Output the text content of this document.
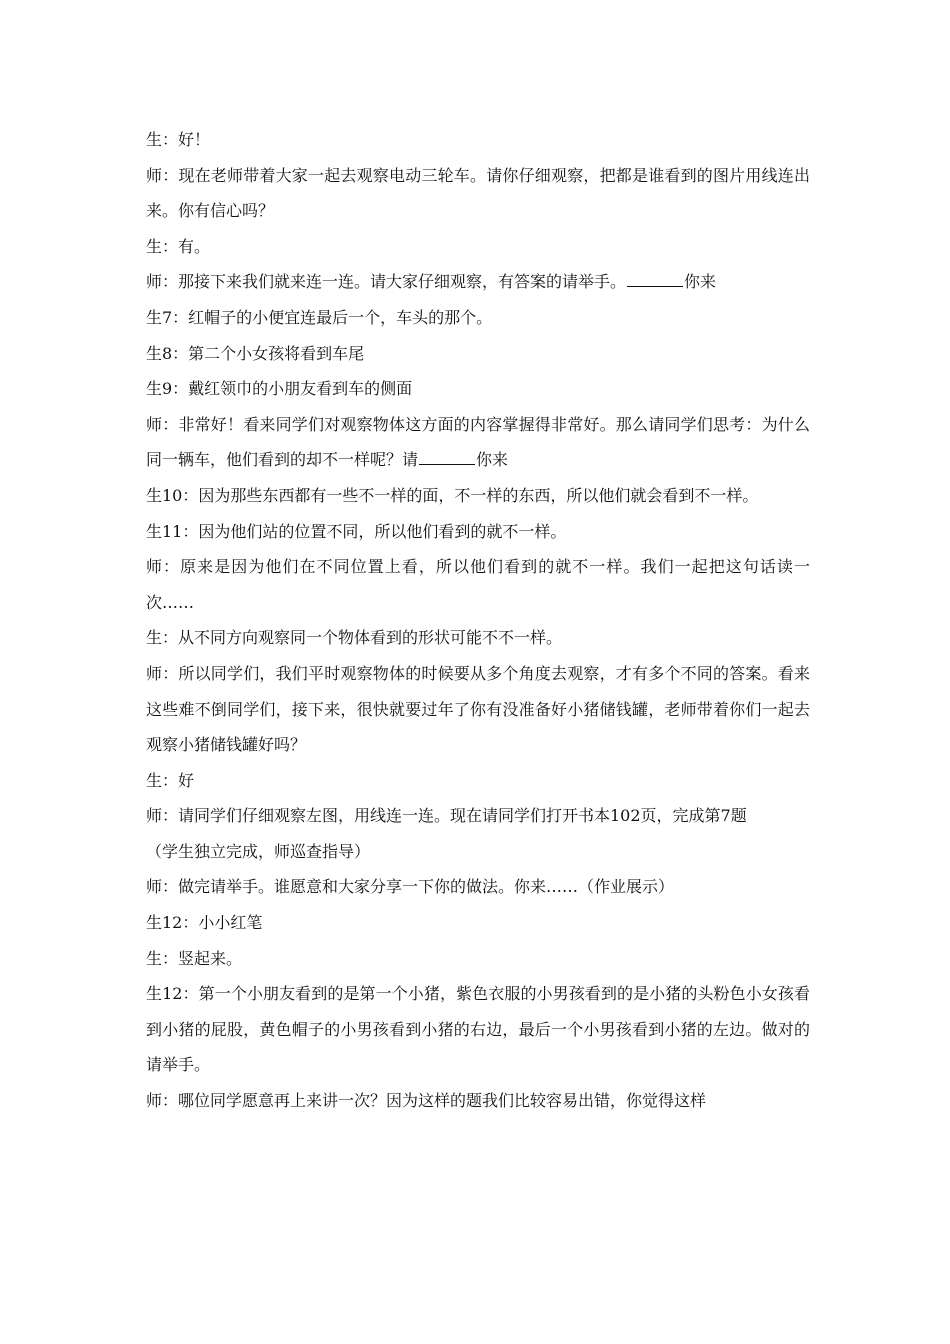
生：好！

师：现在老师带着大家一起去观察电动三轮车。请你仔细观察，把都是谁看到的图片用线连出来。你有信心吗？

生：有。

师：那接下来我们就来连一连。请大家仔细观察，有答案的请举手。	你来

生7：红帽子的小便宜连最后一个，车头的那个。

生8：第二个小女孩将看到车尾

生9：戴红领巾的小朋友看到车的侧面

师：非常好！看来同学们对观察物体这方面的内容掌握得非常好。那么请同学们思考：为什么同一辆车，他们看到的却不一样呢？请	你来

生10：因为那些东西都有一些不一样的面，不一样的东西，所以他们就会看到不一样。

生11：因为他们站的位置不同，所以他们看到的就不一样。

师：原来是因为他们在不同位置上看，所以他们看到的就不一样。我们一起把这句话读一次……

生：从不同方向观察同一个物体看到的形状可能不不一样。

师：所以同学们，我们平时观察物体的时候要从多个角度去观察，才有多个不同的答案。看来这些难不倒同学们，接下来，很快就要过年了你有没准备好小猪储钱罐，老师带着你们一起去观察小猪储钱罐好吗？

生：好

师：请同学们仔细观察左图，用线连一连。现在请同学们打开书本102页，完成第7题

（学生独立完成，师巡查指导）

师：做完请举手。谁愿意和大家分享一下你的做法。你来……（作业展示）

生12：小小红笔

生：竖起来。

生12：第一个小朋友看到的是第一个小猪，紫色衣服的小男孩看到的是小猪的头粉色小女孩看到小猪的屁股，黄色帽子的小男孩看到小猪的右边，最后一个小男孩看到小猪的左边。做对的请举手。

师：哪位同学愿意再上来讲一次？因为这样的题我们比较容易出错，你觉得这样
